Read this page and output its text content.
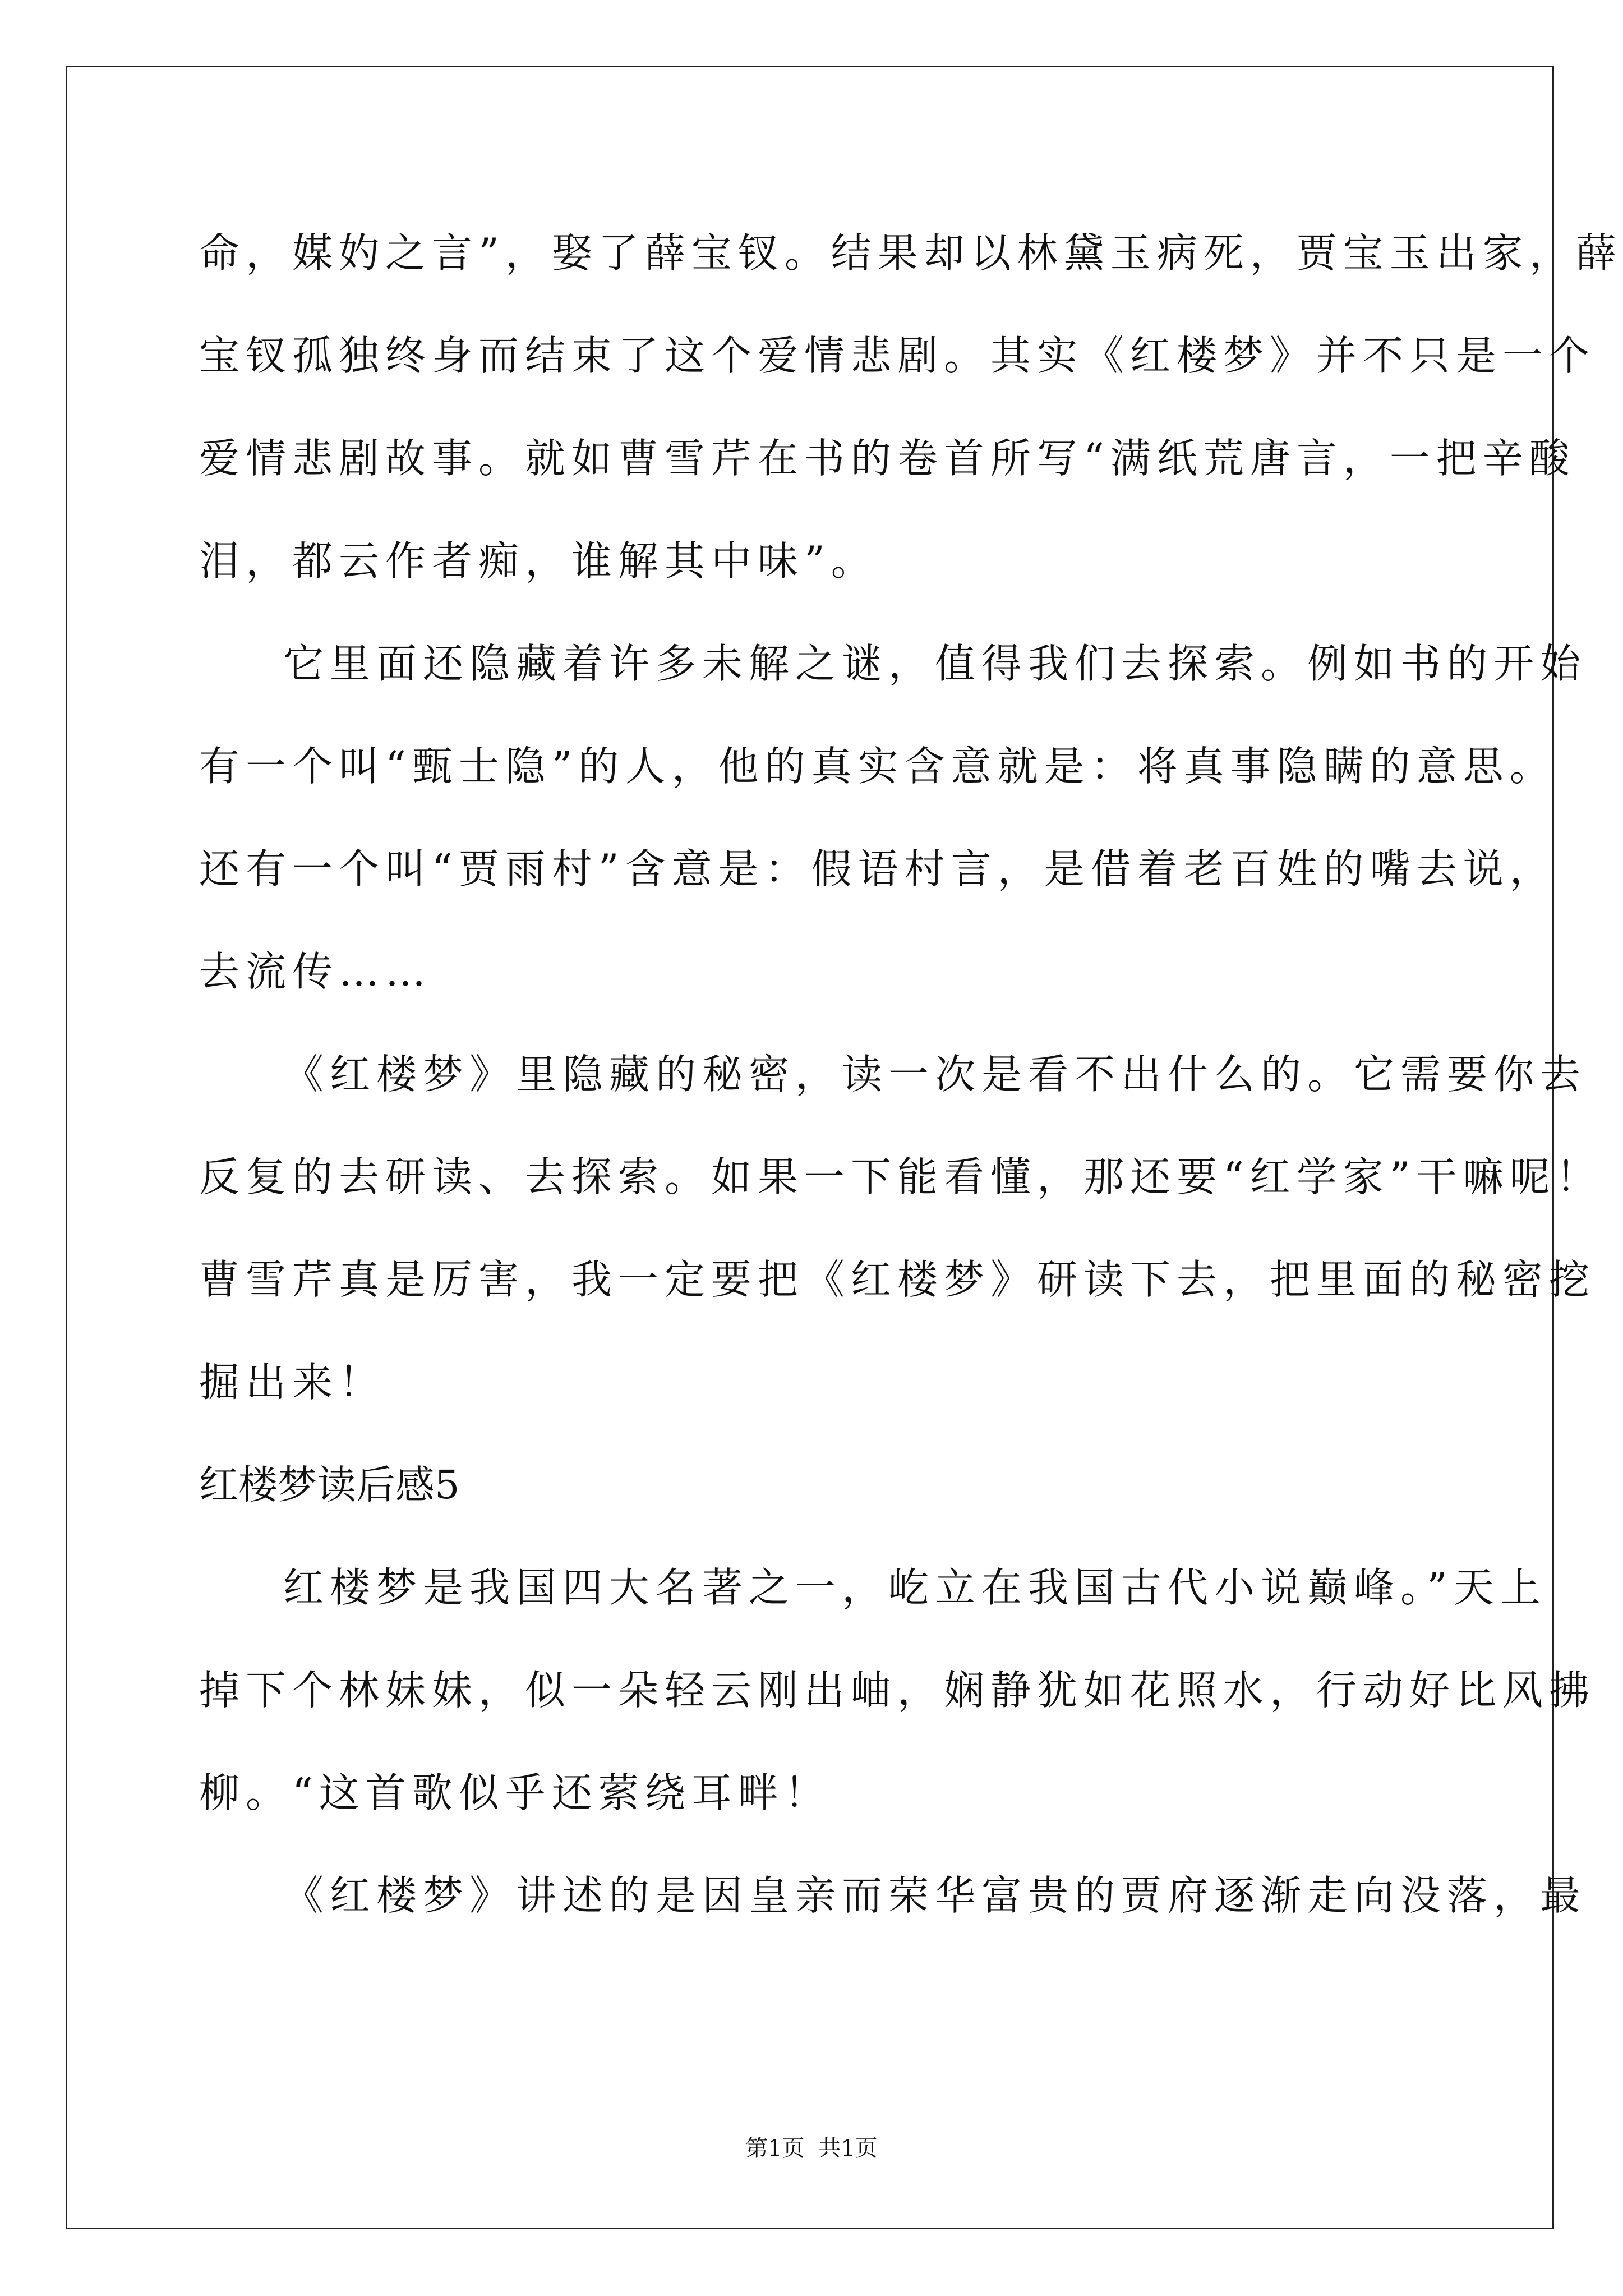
命，媒妁之言”，娶了薛宝钗。结果却以林黛玉病死，贾宝玉出家，薛
宝钗孤独终身而结束了这个爱情悲剧。其实《红楼梦》并不只是一个
爱情悲剧故事。就如曹雪芹在书的卷首所写“满纸荒唐言，一把辛酸
泪，都云作者痴，谁解其中味”。
它里面还隐藏着许多未解之谜，值得我们去探索。例如书的开始
有一个叫“甄士隐”的人，他的真实含意就是：将真事隐瞒的意思。
还有一个叫“贾雨村”含意是：假语村言，是借着老百姓的嘴去说，
去流传……
《红楼梦》里隐藏的秘密，读一次是看不出什么的。它需要你去
反复的去研读、去探索。如果一下能看懂，那还要“红学家”干嘛呢！
曹雪芹真是厉害，我一定要把《红楼梦》研读下去，把里面的秘密挖
掘出来！
红楼梦读后感5
红楼梦是我国四大名著之一，屹立在我国古代小说巅峰。”天上
掉下个林妹妹，似一朵轻云刚出岫，娴静犹如花照水，行动好比风拂
柳。“这首歌似乎还萦绕耳畔！
《红楼梦》讲述的是因皇亲而荣华富贵的贾府逐渐走向没落，最
第1页 共1页
